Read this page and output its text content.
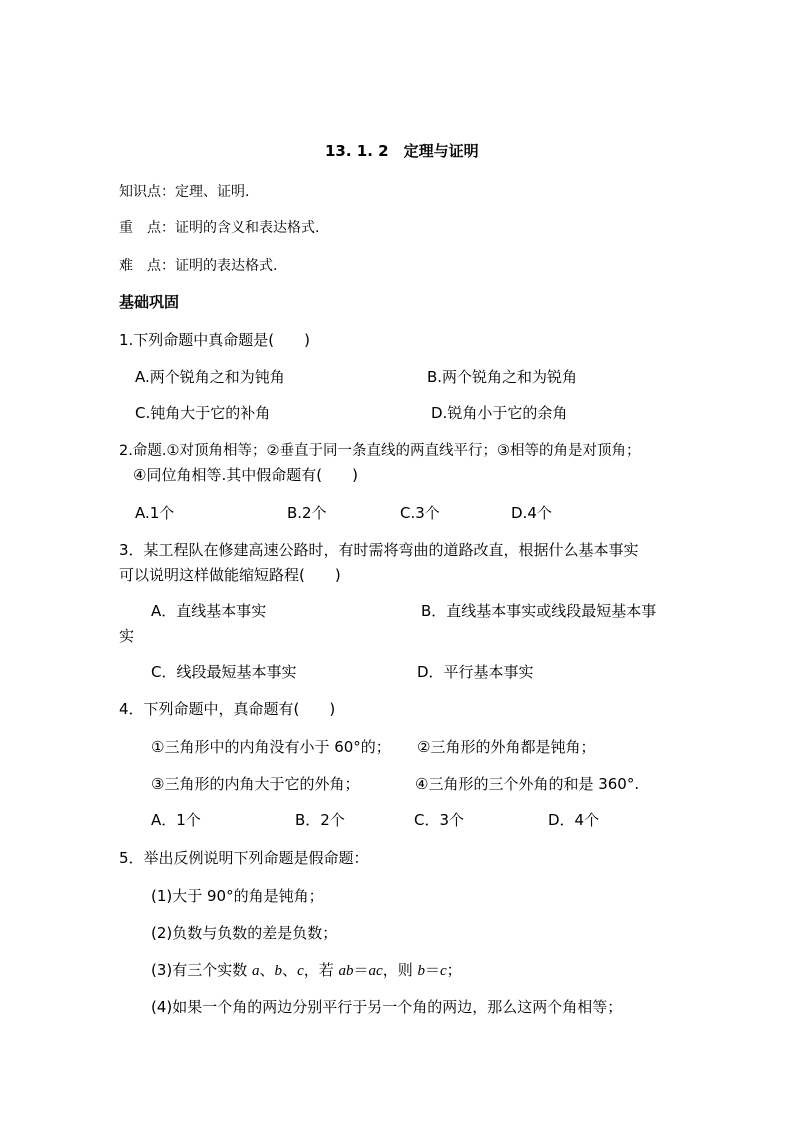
13. 1. 2　定理与证明
知识点：定理、证明.
重　点：证明的含义和表达格式.
难　点：证明的表达格式.
基础巩固
1.下列命题中真命题是(　　)
A.两个锐角之和为钝角	B.两个锐角之和为锐角
C.钝角大于它的补角	D.锐角小于它的余角
2.命题.①对顶角相等；②垂直于同一条直线的两直线平行；③相等的角是对顶角；
④同位角相等.其中假命题有(　　)
A.1个	B.2个	C.3个	D.4个
3．某工程队在修建高速公路时，有时需将弯曲的道路改直，根据什么基本事实
可以说明这样做能缩短路程(　　)
A．直线基本事实	B．直线基本事实或线段最短基本事
实
C．线段最短基本事实	D．平行基本事实
4．下列命题中，真命题有(　　)
①三角形中的内角没有小于 60°的； ②三角形的外角都是钝角；
③三角形的内角大于它的外角；	④三角形的三个外角的和是 360°.
A．1个	B．2个	C．3个	D．4个
5．举出反例说明下列命题是假命题：
(1)大于 90°的角是钝角；
(2)负数与负数的差是负数；
(3)有三个实数 a、b、c，若 ab＝ac，则 b＝c；
(4)如果一个角的两边分别平行于另一个角的两边，那么这两个角相等；
